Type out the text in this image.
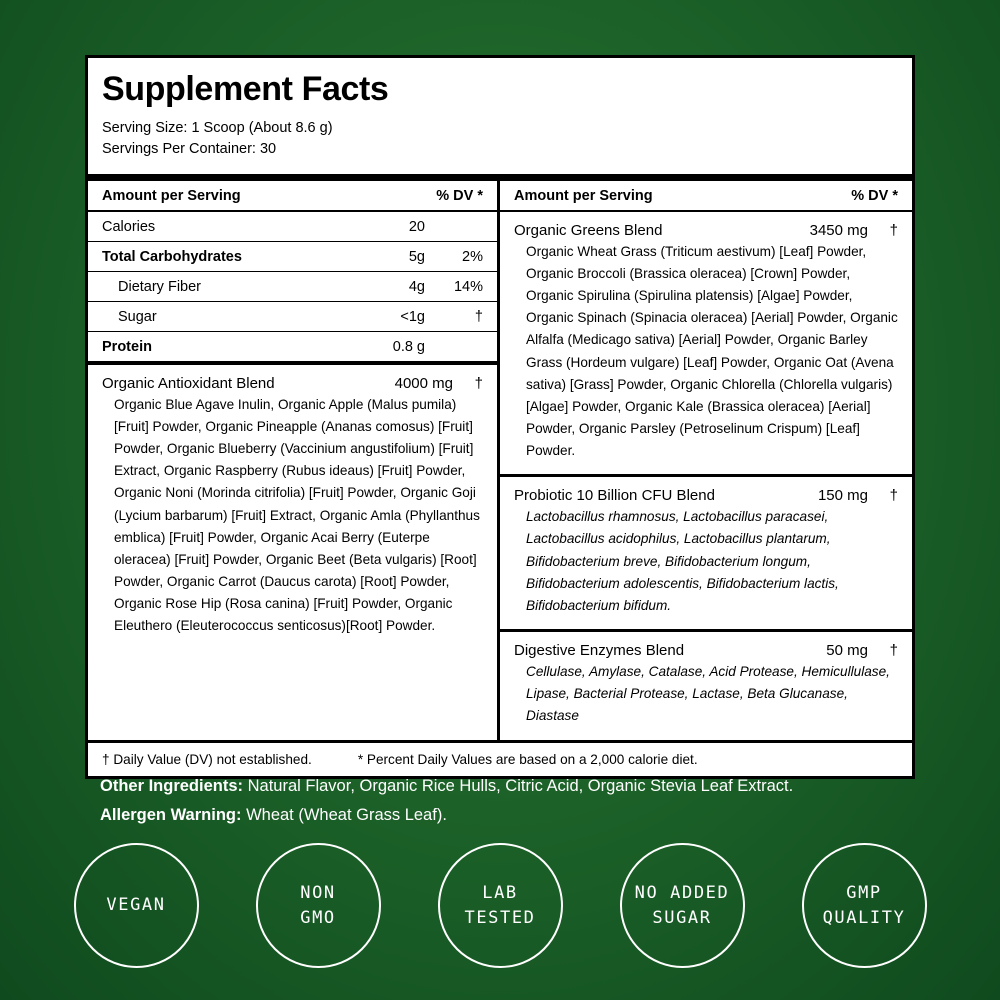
Supplement Facts
Serving Size: 1 Scoop (About 8.6 g)
Servings Per Container: 30
Amount per Serving	% DV *
Calories	20
Total Carbohydrates	5g	2%
Dietary Fiber	4g	14%
Sugar	<1g	†
Protein	0.8 g
Organic Antioxidant Blend	4000 mg	†
Organic Blue Agave Inulin, Organic Apple (Malus pumila) [Fruit] Powder, Organic Pineapple (Ananas comosus) [Fruit] Powder, Organic Blueberry (Vaccinium angustifolium) [Fruit] Extract, Organic Raspberry (Rubus ideaus) [Fruit] Powder, Organic Noni (Morinda citrifolia) [Fruit] Powder, Organic Goji (Lycium barbarum) [Fruit] Extract, Organic Amla (Phyllanthus emblica) [Fruit] Powder, Organic Acai Berry (Euterpe oleracea) [Fruit] Powder, Organic Beet (Beta vulgaris) [Root] Powder, Organic Carrot (Daucus carota) [Root] Powder, Organic Rose Hip (Rosa canina) [Fruit] Powder, Organic Eleuthero (Eleuterococcus senticosus)[Root] Powder.
Amount per Serving	% DV *
Organic Greens Blend	3450 mg	†
Organic Wheat Grass (Triticum aestivum) [Leaf] Powder, Organic Broccoli (Brassica oleracea) [Crown] Powder, Organic Spirulina (Spirulina platensis) [Algae] Powder, Organic Spinach (Spinacia oleracea) [Aerial] Powder, Organic Alfalfa (Medicago sativa) [Aerial] Powder, Organic Barley Grass (Hordeum vulgare) [Leaf] Powder, Organic Oat (Avena sativa) [Grass] Powder, Organic Chlorella (Chlorella vulgaris) [Algae] Powder, Organic Kale (Brassica oleracea) [Aerial] Powder, Organic Parsley (Petroselinum Crispum) [Leaf] Powder.
Probiotic 10 Billion CFU Blend	150 mg	†
Lactobacillus rhamnosus, Lactobacillus paracasei, Lactobacillus acidophilus, Lactobacillus plantarum, Bifidobacterium breve, Bifidobacterium longum, Bifidobacterium adolescentis, Bifidobacterium lactis, Bifidobacterium bifidum.
Digestive Enzymes Blend	50 mg	†
Cellulase, Amylase, Catalase, Acid Protease, Hemicullulase, Lipase, Bacterial Protease, Lactase, Beta Glucanase, Diastase
† Daily Value (DV) not established.	* Percent Daily Values are based on a 2,000 calorie diet.
Other Ingredients: Natural Flavor, Organic Rice Hulls, Citric Acid, Organic Stevia Leaf Extract.
Allergen Warning: Wheat (Wheat Grass Leaf).
VEGAN
NON
GMO
LAB
TESTED
NO ADDED
SUGAR
GMP
QUALITY
